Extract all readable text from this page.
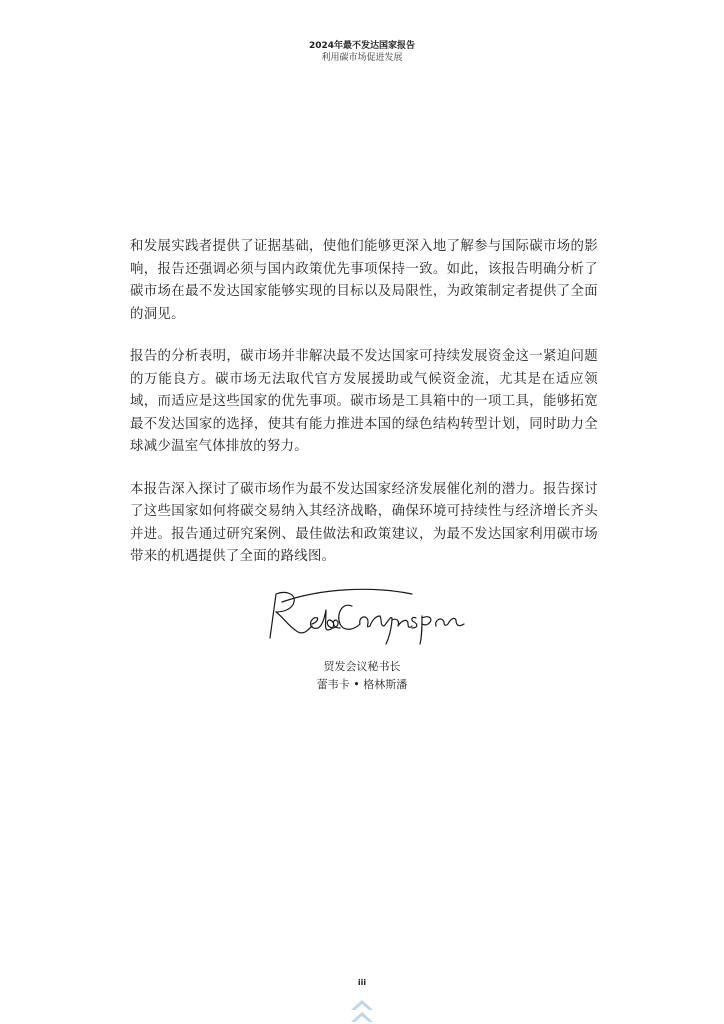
2024年最不发达国家报告
利用碳市场促进发展

和发展实践者提供了证据基础，使他们能够更深入地了解参与国际碳市场的影响，报告还强调必须与国内政策优先事项保持一致。如此，该报告明确分析了碳市场在最不发达国家能够实现的目标以及局限性，为政策制定者提供了全面的洞见。

报告的分析表明，碳市场并非解决最不发达国家可持续发展资金这一紧迫问题的万能良方。碳市场无法取代官方发展援助或气候资金流，尤其是在适应领域，而适应是这些国家的优先事项。碳市场是工具箱中的一项工具，能够拓宽最不发达国家的选择，使其有能力推进本国的绿色结构转型计划，同时助力全球减少温室气体排放的努力。

本报告深入探讨了碳市场作为最不发达国家经济发展催化剂的潜力。报告探讨了这些国家如何将碳交易纳入其经济战略，确保环境可持续性与经济增长齐头并进。报告通过研究案例、最佳做法和政策建议，为最不发达国家利用碳市场带来的机遇提供了全面的路线图。

贸发会议秘书长
蕾韦卡 • 格林斯潘
iii
